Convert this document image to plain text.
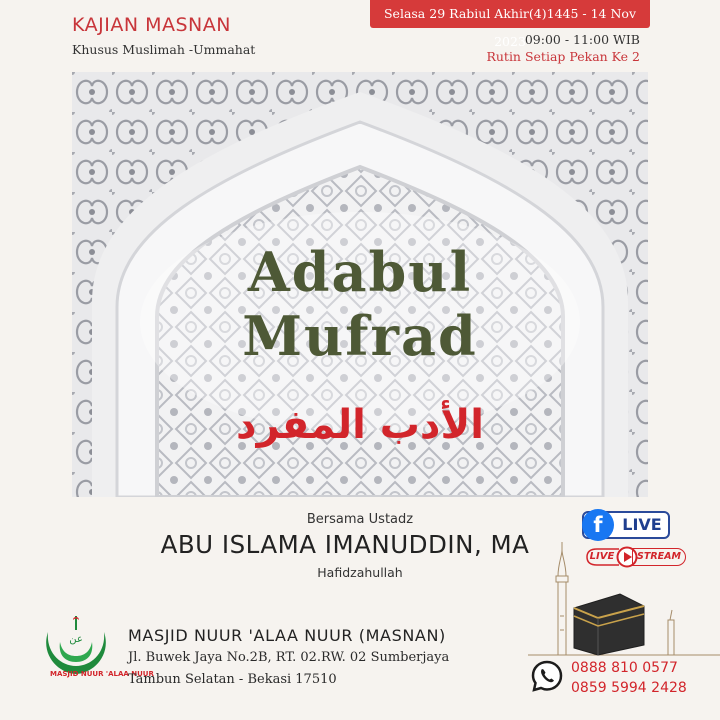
KAJIAN MASNAN
Khusus Muslimah -Ummahat
Selasa 29 Rabiul Akhir(4)1445 - 14 Nov 2023
09:00 - 11:00 WIB
Rutin Setiap Pekan Ke 2
Adabul
Mufrad
الأدب المفرد
Bersama Ustadz
ABU ISLAMA IMANUDDIN, MA
Hafidzahullah
f	LIVE
LIVE	STREAM
عن
MASJID NUUR 'ALAA NUUR
MASJID NUUR 'ALAA NUUR (MASNAN)
Jl. Buwek Jaya No.2B, RT. 02.RW. 02 Sumberjaya
Tambun Selatan - Bekasi 17510
0888 810 0577
0859 5994 2428
